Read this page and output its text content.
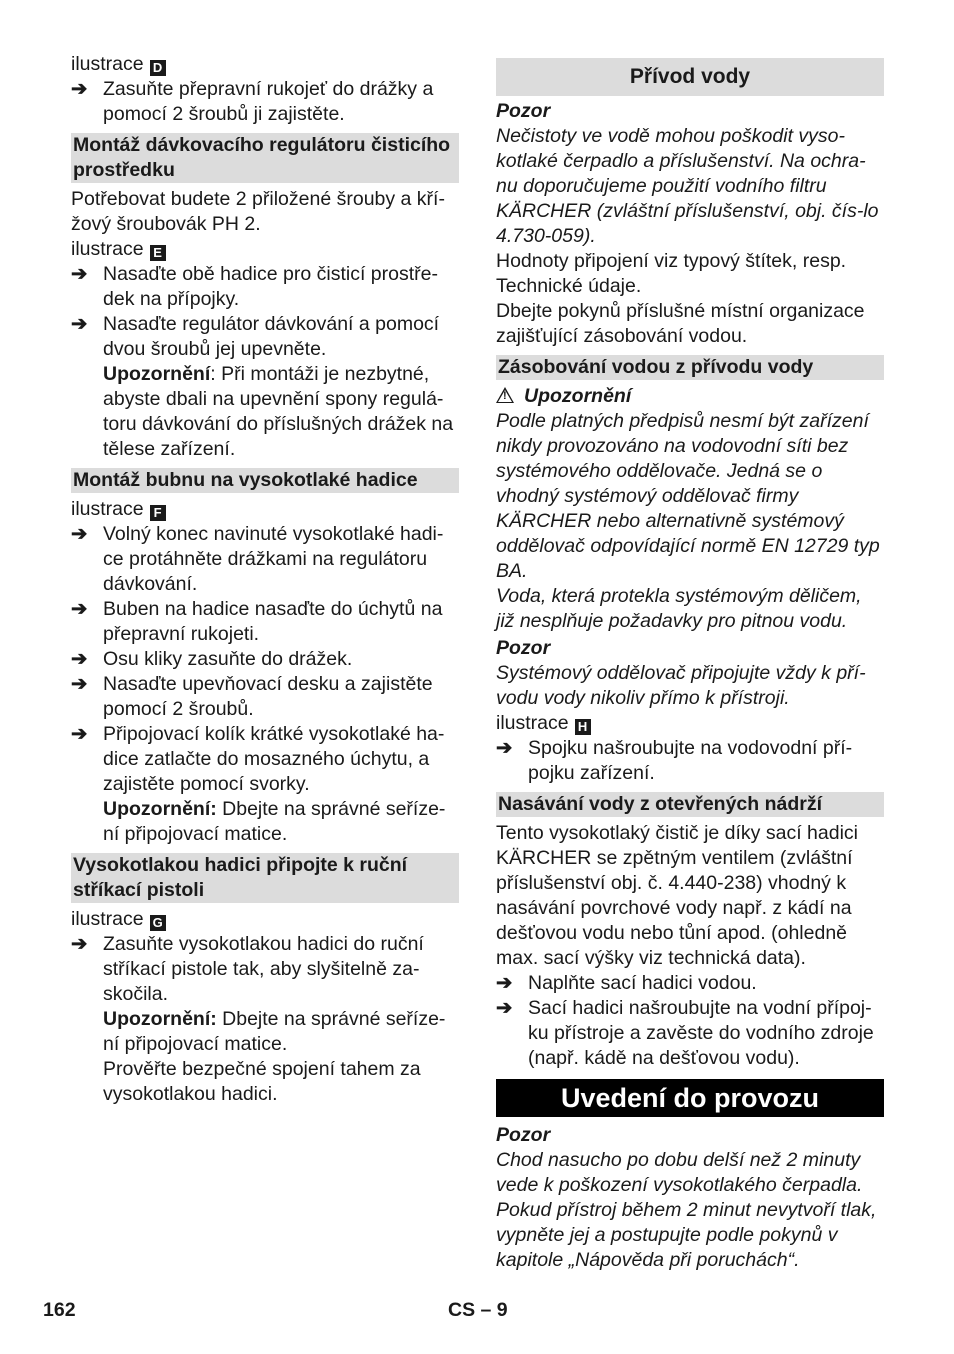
ilustrace D

➔ Zasuňte přepravní rukojeť do drážky a pomocí 2 šroubů ji zajistěte.
Montáž dávkovacího regulátoru čisticího prostředku

Potřebovat budete 2 přiložené šrouby a kří-žový šroubovák PH 2.

ilustrace E

➔ Nasaďte obě hadice pro čisticí prostře-dek na přípojky.
➔ Nasaďte regulátor dávkování a pomocí dvou šroubů jej upevněte.
Upozornění: Při montáži je nezbytné, abyste dbali na upevnění spony regulá-toru dávkování do příslušných drážek na tělese zařízení.
Montáž bubnu na vysokotlaké hadice

ilustrace F

➔ Volný konec navinuté vysokotlaké hadi-ce protáhněte drážkami na regulátoru dávkování.
➔ Buben na hadice nasaďte do úchytů na přepravní rukojeti.
➔ Osu kliky zasuňte do drážek.
➔ Nasaďte upevňovací desku a zajistěte pomocí 2 šroubů.
➔ Připojovací kolík krátké vysokotlaké ha-dice zatlačte do mosazného úchytu, a zajistěte pomocí svorky.
Upozornění: Dbejte na správné seřízе-ní připojovací matice.
Vysokotlakou hadici připojte k ruční stříkací pistoli

ilustrace G

➔ Zasuňte vysokotlakou hadici do ruční stříkací pistole tak, aby slyšitelně za-skočila.
Upozornění: Dbejte na správné seřízе-ní připojovací matice.
Prověřte bezpečné spojení tahem za vysokotlakou hadici.
Přívod vody

Pozor

Nečistoty ve vodě mohou poškodit vyso-kotlaké čerpadlo a příslušenství. Na ochra-nu doporučujeme použití vodního filtru KÄRCHER (zvláštní příslušenství, obj. čís-lo 4.730-059).

Hodnoty připojení viz typový štítek, resp. Technické údaje.

Dbejte pokynů příslušné místní organizace zajišťující zásobování vodou.

Zásobování vodou z přívodu vody

!Upozornění

Podle platných předpisů nesmí být zařízení nikdy provozováno na vodovodní síti bez systémového oddělovače. Jedná se o vhodný systémový oddělovač firmy KÄRCHER nebo alternativně systémový oddělovač odpovídající normě EN 12729 typ BA.

Voda, která protekla systémovým děličem, již nesplňuje požadavky pro pitnou vodu.

Pozor

Systémový oddělovač připojujte vždy k pří-vodu vody nikoliv přímo k přístroji.

ilustrace H

➔ Spojku našroubujte na vodovodní pří-pojku zařízení.
Nasávání vody z otevřených nádrží

Tento vysokotlaký čistič je díky sací hadici KÄRCHER se zpětným ventilem (zvláštní příslušenství obj. č. 4.440-238) vhodný k nasávání povrchové vody např. z kádí na dešťovou vodu nebo tůní apod. (ohledně max. sací výšky viz technická data).

➔ Naplňte sací hadici vodou.
➔ Sací hadici našroubujte na vodní přípoj-ku přístroje a zavěste do vodního zdroje (např. kádě na dešťovou vodu).
Uvedení do provozu

Pozor

Chod nasucho po dobu delší než 2 minuty vede k poškození vysokotlakého čerpadla. Pokud přístroj během 2 minut nevytvoří tlak, vypněte jej a postupujte podle pokynů v kapitole „Nápověda při poruchách“.

162	CS – 9
